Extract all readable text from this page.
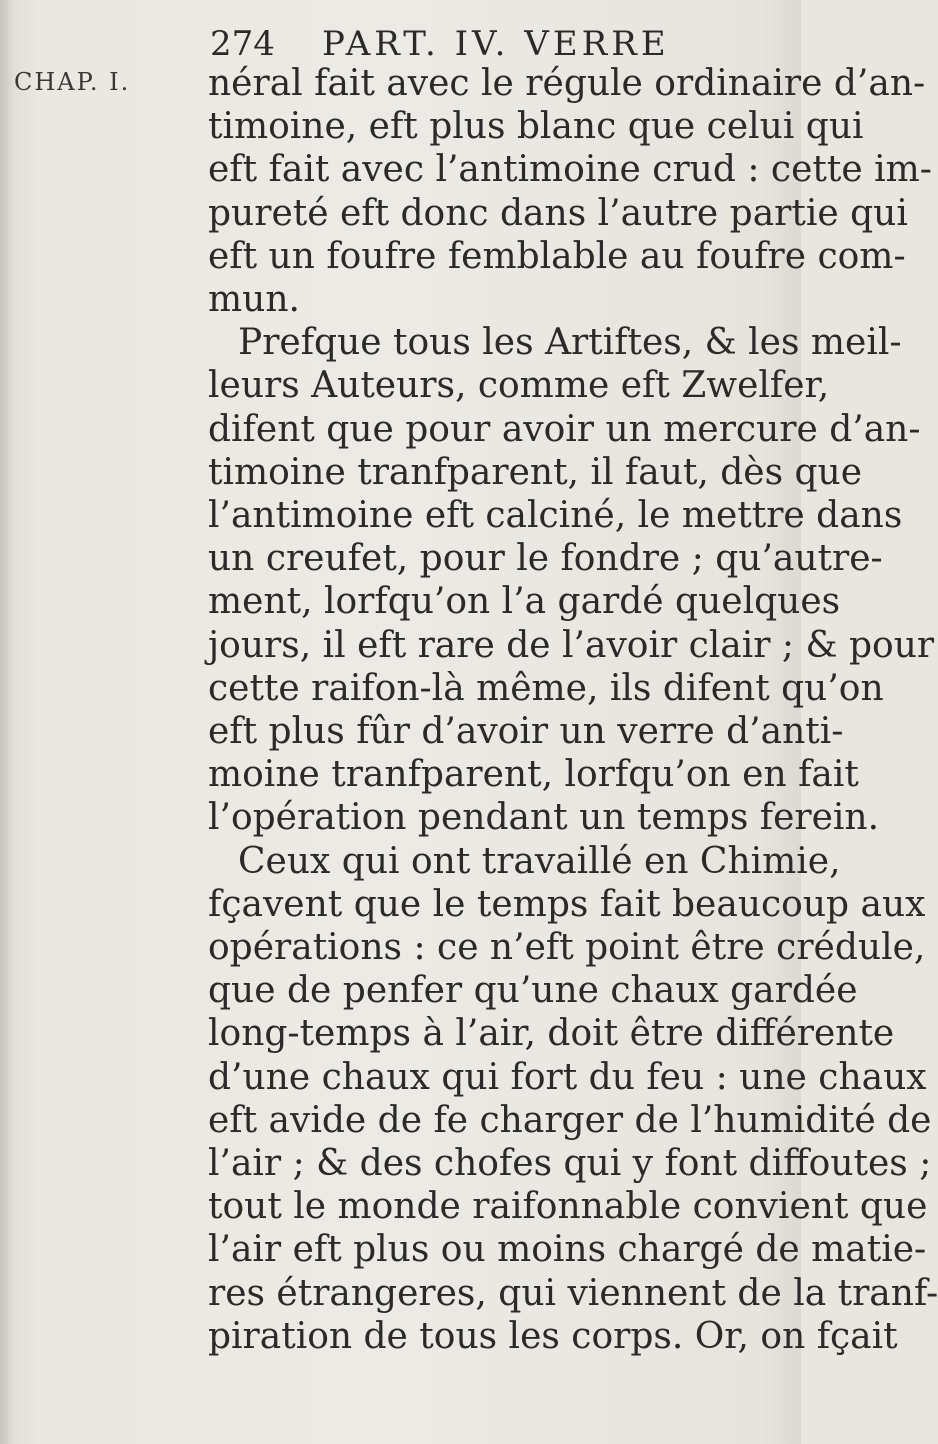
CHAP. I.
274 PART. IV. VERRE
néral fait avec le régule ordinaire d’an-
timoine, eft plus blanc que celui qui
eft fait avec l’antimoine crud : cette im-
pureté eft donc dans l’autre partie qui
eft un foufre femblable au foufre com-
mun.
Prefque tous les Artiftes, & les meil-
leurs Auteurs, comme eft Zwelfer,
difent que pour avoir un mercure d’an-
timoine tranfparent, il faut, dès que
l’antimoine eft calciné, le mettre dans
un creufet, pour le fondre ; qu’autre-
ment, lorfqu’on l’a gardé quelques
jours, il eft rare de l’avoir clair ; & pour
cette raifon-là même, ils difent qu’on
eft plus fûr d’avoir un verre d’anti-
moine tranfparent, lorfqu’on en fait
l’opération pendant un temps ferein.
Ceux qui ont travaillé en Chimie,
fçavent que le temps fait beaucoup aux
opérations : ce n’eft point être crédule,
que de penfer qu’une chaux gardée
long-temps à l’air, doit être différente
d’une chaux qui fort du feu : une chaux
eft avide de fe charger de l’humidité de
l’air ; & des chofes qui y font diffoutes ;
tout le monde raifonnable convient que
l’air eft plus ou moins chargé de matie-
res étrangeres, qui viennent de la tranf-
piration de tous les corps. Or, on fçait
